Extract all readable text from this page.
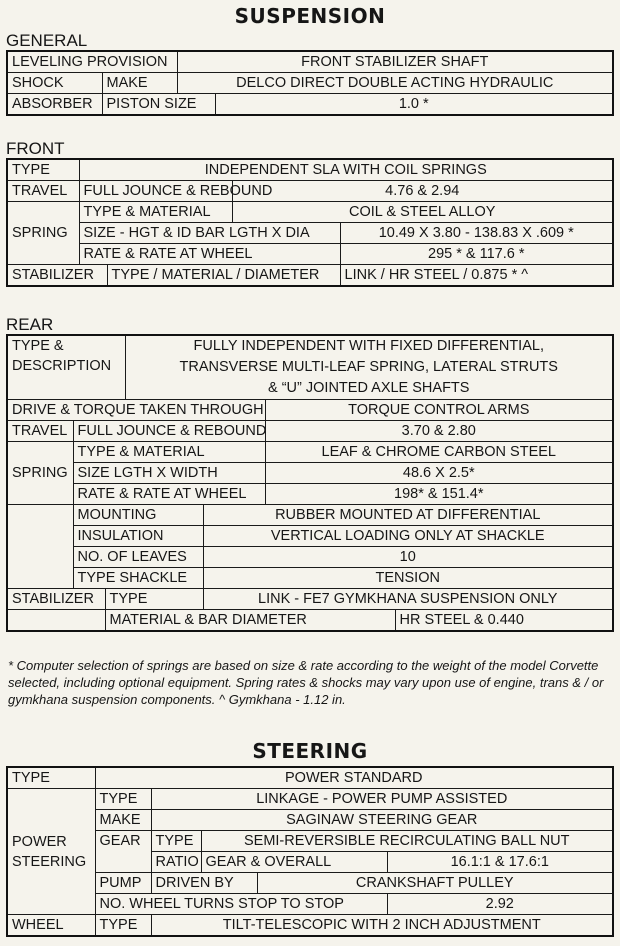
SUSPENSION
GENERAL
LEVELING PROVISION		FRONT STABILIZER SHAFT	
SHOCK	MAKE	DELCO DIRECT DOUBLE ACTING HYDRAULIC	
ABSORBER	PISTON SIZE		1.0 *
FRONT
TYPE	INDEPENDENT SLA WITH COIL SPRINGS			
TRAVEL	FULL JOUNCE & REBOUND		4.76 & 2.94	
SPRING	TYPE & MATERIAL		COIL & STEEL ALLOY	
	SIZE - HGT & ID BAR LGTH X DIA			10.49 X 3.80 - 138.83 X .609 *
	RATE & RATE AT WHEEL			295 * & 117.6 *
STABILIZER		TYPE / MATERIAL / DIAMETER		LINK / HR STEEL / 0.875 * ^
REAR
TYPE & DESCRIPTION			FULLY INDEPENDENT WITH FIXED DIFFERENTIAL,
TRANSVERSE MULTI-LEAF SPRING, LATERAL STRUTS
& “U” JOINTED AXLE SHAFTS			

DRIVE & TORQUE TAKEN THROUGH					TORQUE CONTROL ARMS	
TRAVEL	FULL JOUNCE & REBOUND				3.70 & 2.80	
SPRING	TYPE & MATERIAL				LEAF & CHROME CARBON STEEL	
	SIZE LGTH X WIDTH				48.6 X 2.5*	
	RATE & RATE AT WHEEL				198* & 151.4*	
	MOUNTING			RUBBER MOUNTED AT DIFFERENTIAL		
	INSULATION			VERTICAL LOADING ONLY AT SHACKLE		
	NO. OF LEAVES			10		
	TYPE SHACKLE			TENSION		
STABILIZER		TYPE		LINK - FE7 GYMKHANA SUSPENSION ONLY		
		MATERIAL & BAR DIAMETER				HR STEEL & 0.440
* Computer selection of springs are based on size & rate according to the weight of the model Corvette selected, including optional equipment. Spring rates & shocks may vary upon use of engine, trans & / or gymkhana suspension components. ^ Gymkhana - 1.12 in.
STEERING
TYPE	POWER STANDARD				
POWER STEERING	TYPE	LINKAGE - POWER PUMP ASSISTED			
	MAKE	SAGINAW STEERING GEAR			
	GEAR	TYPE	SEMI-REVERSIBLE RECIRCULATING BALL NUT		
		RATIO	GEAR & OVERALL		16.1:1 & 17.6:1
	PUMP	DRIVEN BY		CRANKSHAFT PULLEY	
	NO. WHEEL TURNS STOP TO STOP				2.92
WHEEL	TYPE	TILT-TELESCOPIC WITH 2 INCH ADJUSTMENT			
